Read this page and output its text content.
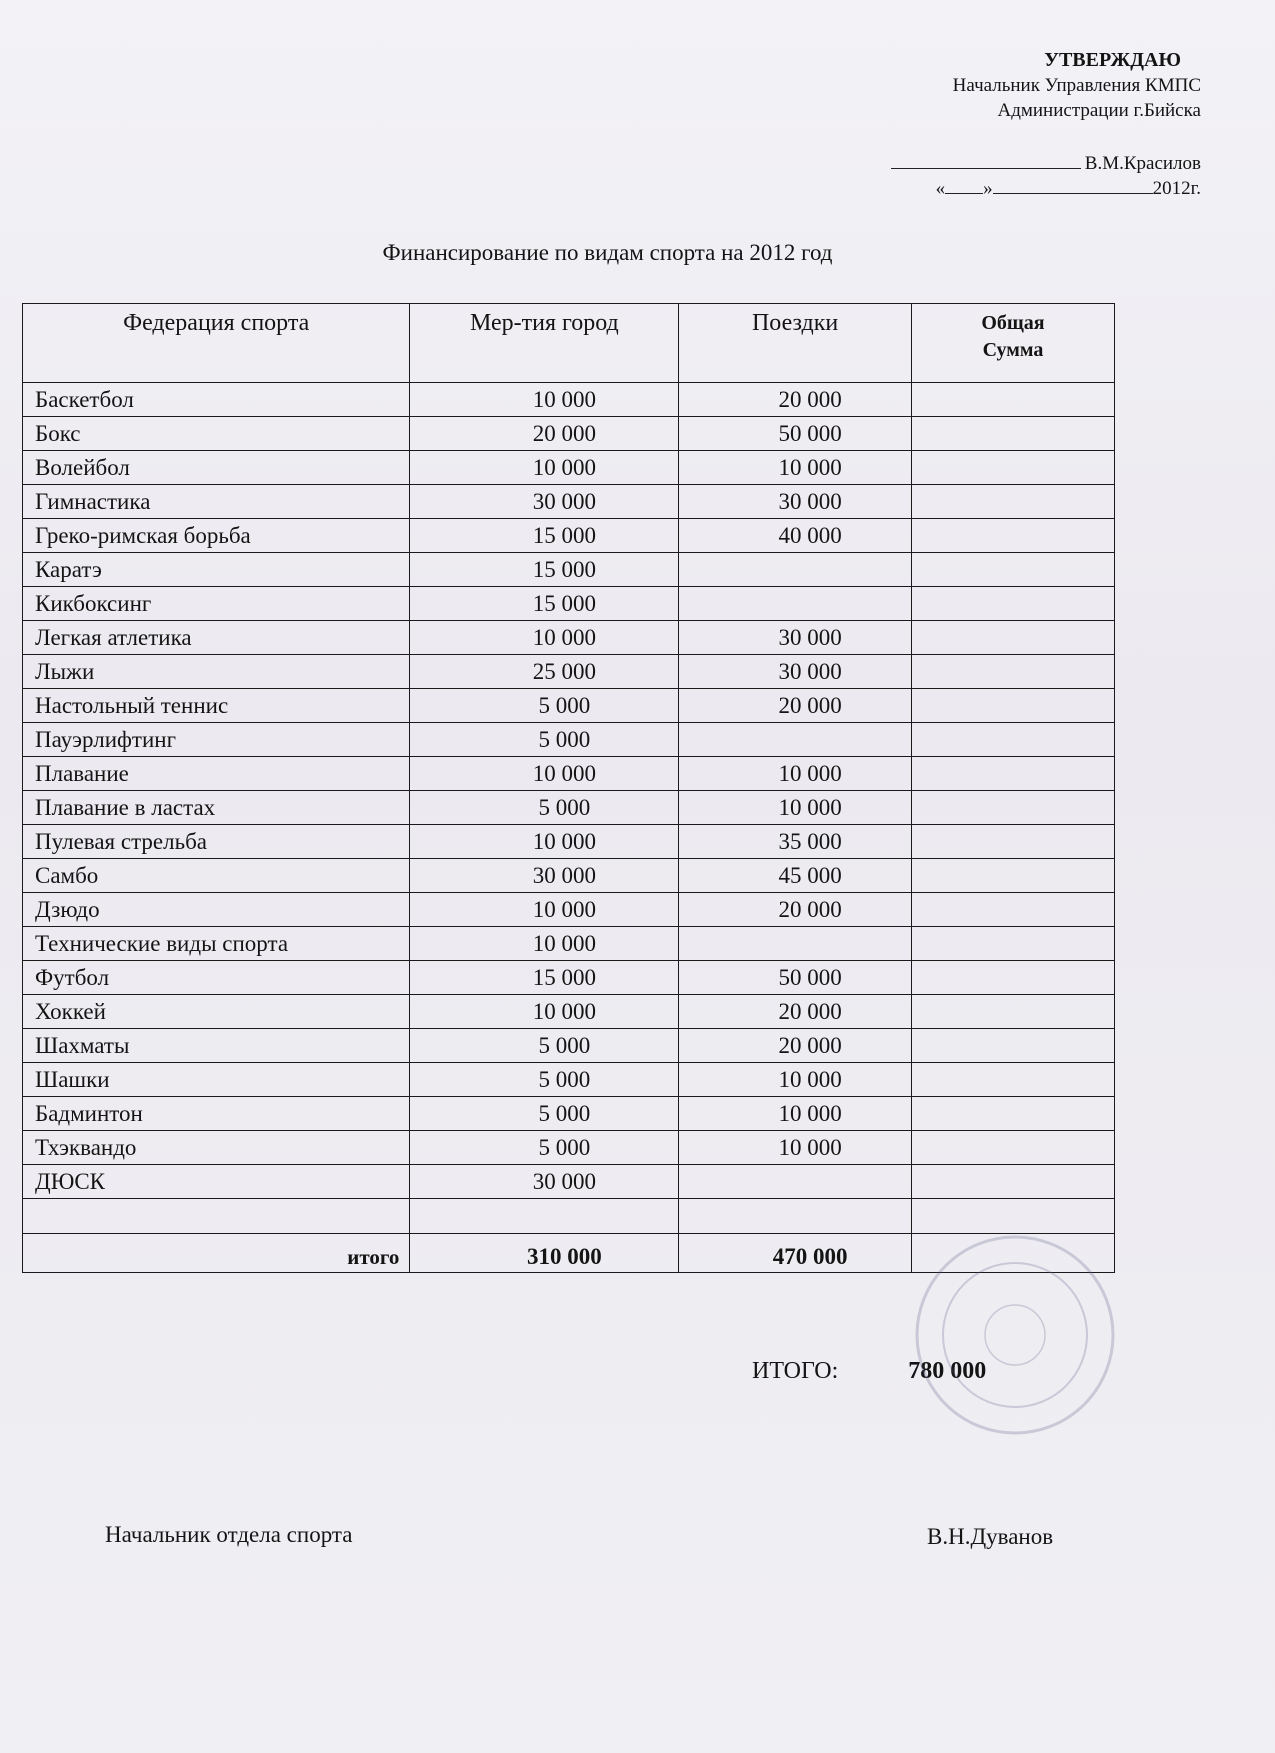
УТВЕРЖДАЮ
Начальник Управления КМПС
Администрации г.Бийска
В.М.Красилов
« »	2012г.
Финансирование по видам спорта на 2012 год
Федерация спорта	Мер-тия город	Поездки	Общая
Сумма

Баскетбол	10 000	20 000	
Бокс	20 000	50 000	
Волейбол	10 000	10 000	
Гимнастика	30 000	30 000	
Греко-римская борьба	15 000	40 000	
Каратэ	15 000		
Кикбоксинг	15 000		
Легкая атлетика	10 000	30 000	
Лыжи	25 000	30 000	
Настольный теннис	5 000	20 000	
Пауэрлифтинг	5 000		
Плавание	10 000	10 000	
Плавание в ластах	5 000	10 000	
Пулевая стрельба	10 000	35 000	
Самбо	30 000	45 000	
Дзюдо	10 000	20 000	
Технические виды спорта	10 000		
Футбол	15 000	50 000	
Хоккей	10 000	20 000	
Шахматы	5 000	20 000	
Шашки	5 000	10 000	
Бадминтон	5 000	10 000	
Тхэквандо	5 000	10 000	
ДЮСК	30 000		

итого	310 000	470 000	
ИТОГО:	780 000
Начальник отдела спорта	В.Н.Дуванов
